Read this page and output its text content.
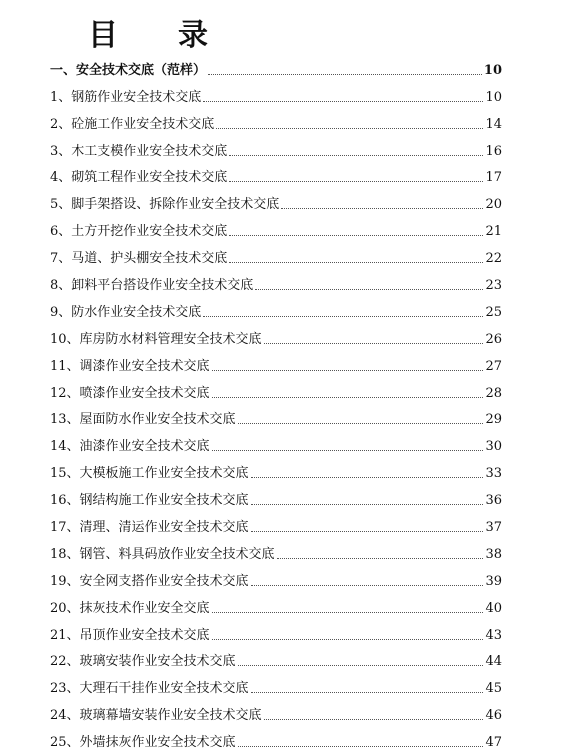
目 录
一、安全技术交底（范样）	10
1、钢筋作业安全技术交底	10
2、砼施工作业安全技术交底	14
3、木工支模作业安全技术交底	16
4、砌筑工程作业安全技术交底	17
5、脚手架搭设、拆除作业安全技术交底	20
6、土方开挖作业安全技术交底	21
7、马道、护头棚安全技术交底	22
8、卸料平台搭设作业安全技术交底	23
9、防水作业安全技术交底	25
10、库房防水材料管理安全技术交底	26
11、调漆作业安全技术交底	27
12、喷漆作业安全技术交底	28
13、屋面防水作业安全技术交底	29
14、油漆作业安全技术交底	30
15、大模板施工作业安全技术交底	33
16、钢结构施工作业安全技术交底	36
17、清理、清运作业安全技术交底	37
18、钢管、料具码放作业安全技术交底	38
19、安全网支搭作业安全技术交底	39
20、抹灰技术作业安全交底	40
21、吊顶作业安全技术交底	43
22、玻璃安装作业安全技术交底	44
23、大理石干挂作业安全技术交底	45
24、玻璃幕墙安装作业安全技术交底	46
25、外墙抹灰作业安全技术交底	47
